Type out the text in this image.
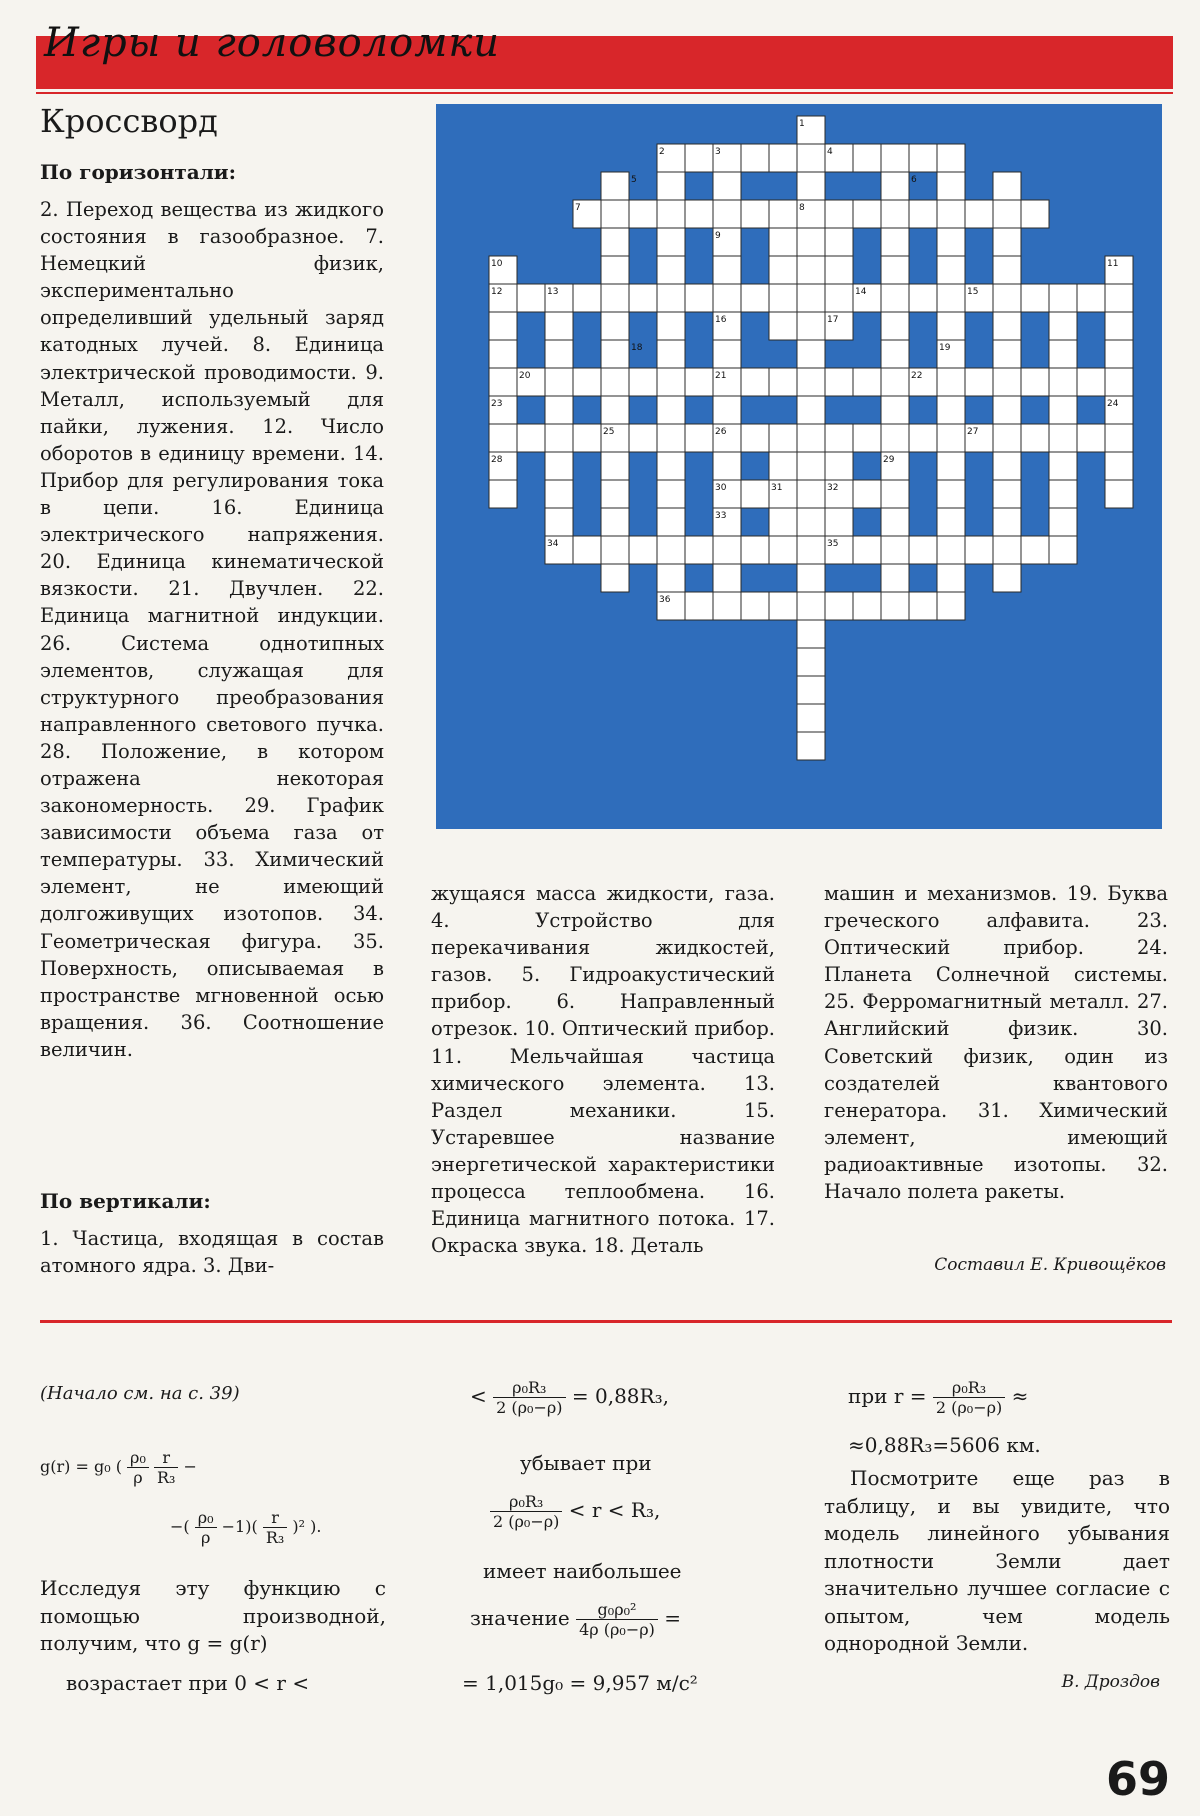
Игры и головоломки
Кроссворд
По горизонтали:
2. Переход вещества из жидкого состояния в газообразное. 7. Немецкий физик, экспериментально определивший удельный заряд катодных лучей. 8. Единица электрической проводимости. 9. Металл, используемый для пайки, лужения. 12. Число оборотов в единицу времени. 14. Прибор для регулирования тока в цепи. 16. Единица электрического напряжения. 20. Единица кинематической вязкости. 21. Двучлен. 22. Единица магнитной индукции. 26. Система однотипных элементов, служащая для структурного преобразования направленного светового пучка. 28. Положение, в котором отражена некоторая закономерность. 29. График зависимости объема газа от температуры. 33. Химический элемент, не имеющий долгоживущих изотопов. 34. Геометрическая фигура. 35. Поверхность, описываемая в пространстве мгновенной осью вращения. 36. Соотношение величин.
По вертикали:
1. Частица, входящая в состав атомного ядра. 3. Дви-
жущаяся масса жидкости, газа. 4. Устройство для перекачивания жидкостей, газов. 5. Гидроакустический прибор. 6. Направленный отрезок. 10. Оптический прибор. 11. Мельчайшая частица химического элемента. 13. Раздел механики. 15. Устаревшее название энергетической характеристики процесса теплообмена. 16. Единица магнитного потока. 17. Окраска звука. 18. Деталь
машин и механизмов. 19. Буква греческого алфавита. 23. Оптический прибор. 24. Планета Солнечной системы. 25. Ферромагнитный металл. 27. Английский физик. 30. Советский физик, один из создателей квантового генератора. 31. Химический элемент, имеющий радиоактивные изотопы. 32. Начало полета ракеты.
Составил Е. Кривощёков
1
2	3	4
5	6
7	8
9
10	11
12	13	14	15
16	17
18	19
20	21	22
23	24
25	26	27
28	29
30	31	32
33
34	35
36
(Начало см. на с. 39)
g(r) = g₀ ( $\frac{\text{ρ₀}}{\rho}$
$\frac{r}{\text{R₃}}$ −
−( $\frac{\text{ρ₀}}{\rho} -1)( \frac{r}{\text{R₃}} )^2$ ).
Исследуя эту функцию с помощью производной, получим, что g = g(r)
возрастает при 0 < r <
< $\frac{\text{ρ₀R₃}}{\text{2 (ρ₀−ρ)}} = 0,88R_3$,
убывает при
$\frac{\text{ρ₀R₃}}{\text{2 (ρ₀−ρ)}} < r < R_3$,
имеет наибольшее
значение $\frac{\text{g₀ρ₀²}}{\text{4ρ (ρ₀−ρ)}}$ =
= 1,015g₀ = 9,957 м/с²
при $r = \frac{\text{ρ₀R₃}}{\text{2 (ρ₀−ρ)}}$ ≈
≈0,88R₃=5606 км.
Посмотрите еще раз в таблицу, и вы увидите, что модель линейного убывания плотности Земли дает значительно лучшее согласие с опытом, чем модель однородной Земли.
В. Дроздов
69
